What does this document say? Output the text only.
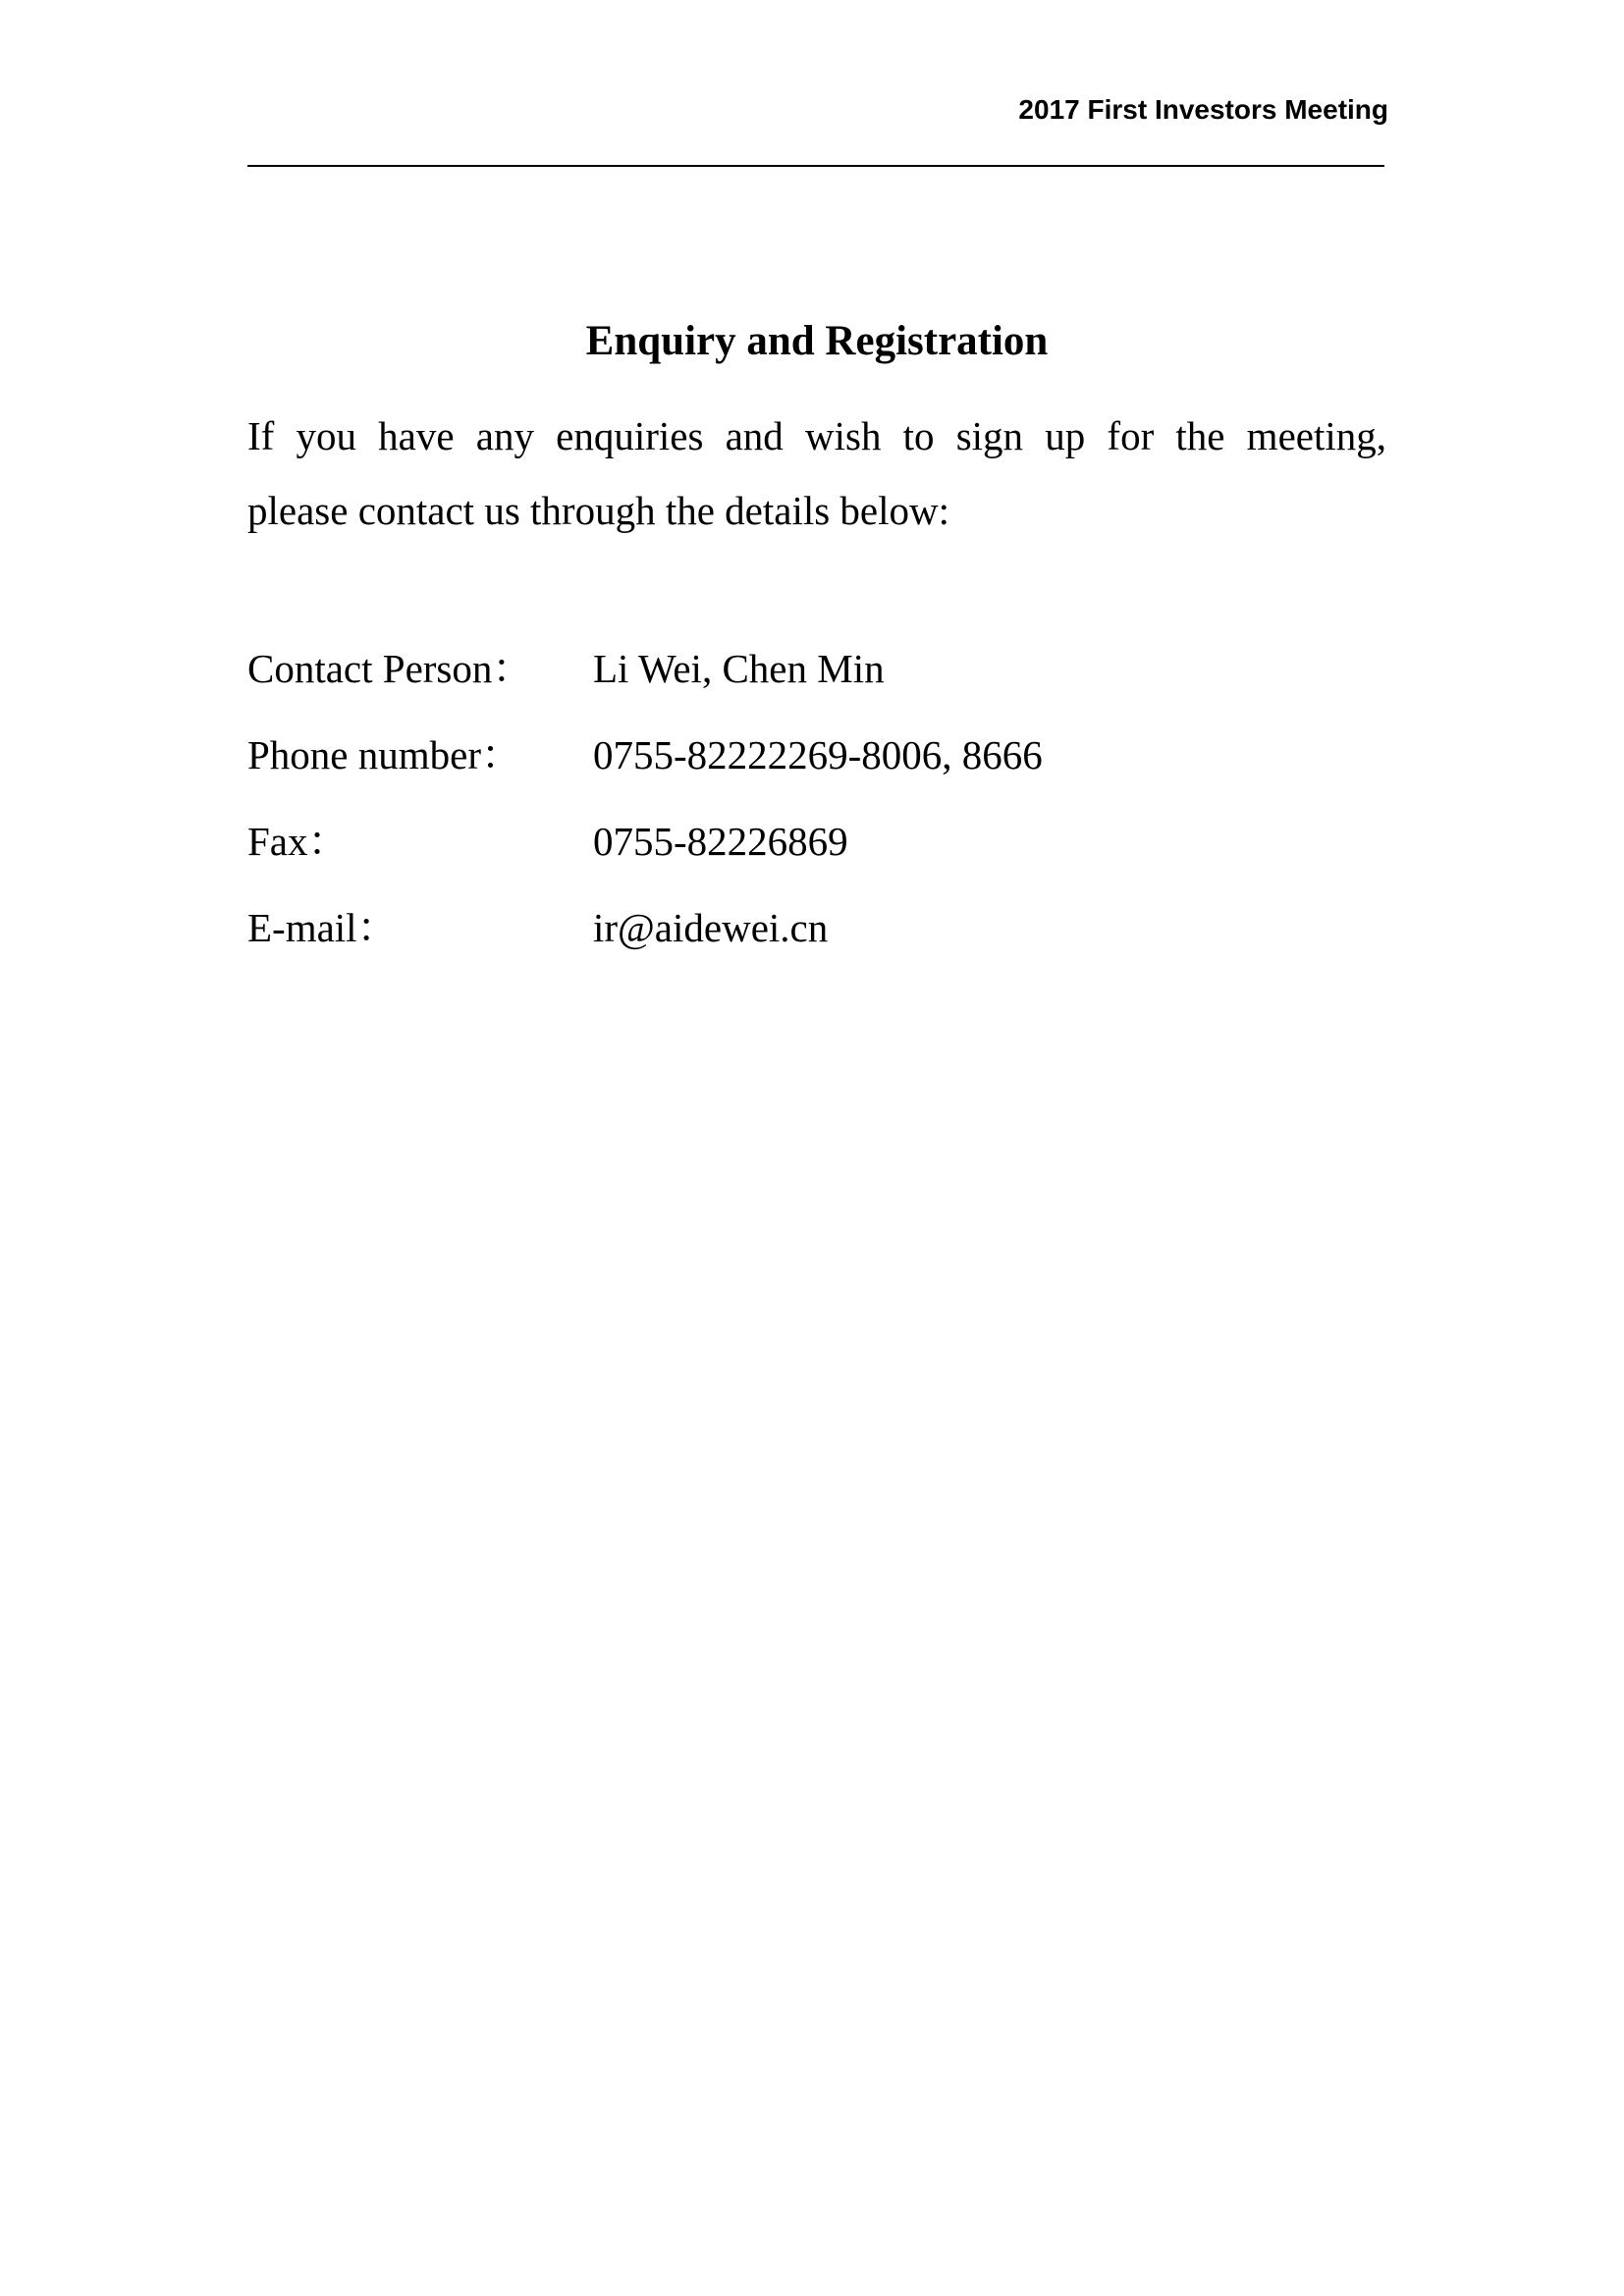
2017 First Investors Meeting
Enquiry and Registration
If you have any enquiries and wish to sign up for the meeting,
please contact us through the details below:
Contact Person：	Li Wei, Chen Min
Phone number：	0755-82222269-8006, 8666
Fax：	0755-82226869
E-mail：	ir@aidewei.cn
